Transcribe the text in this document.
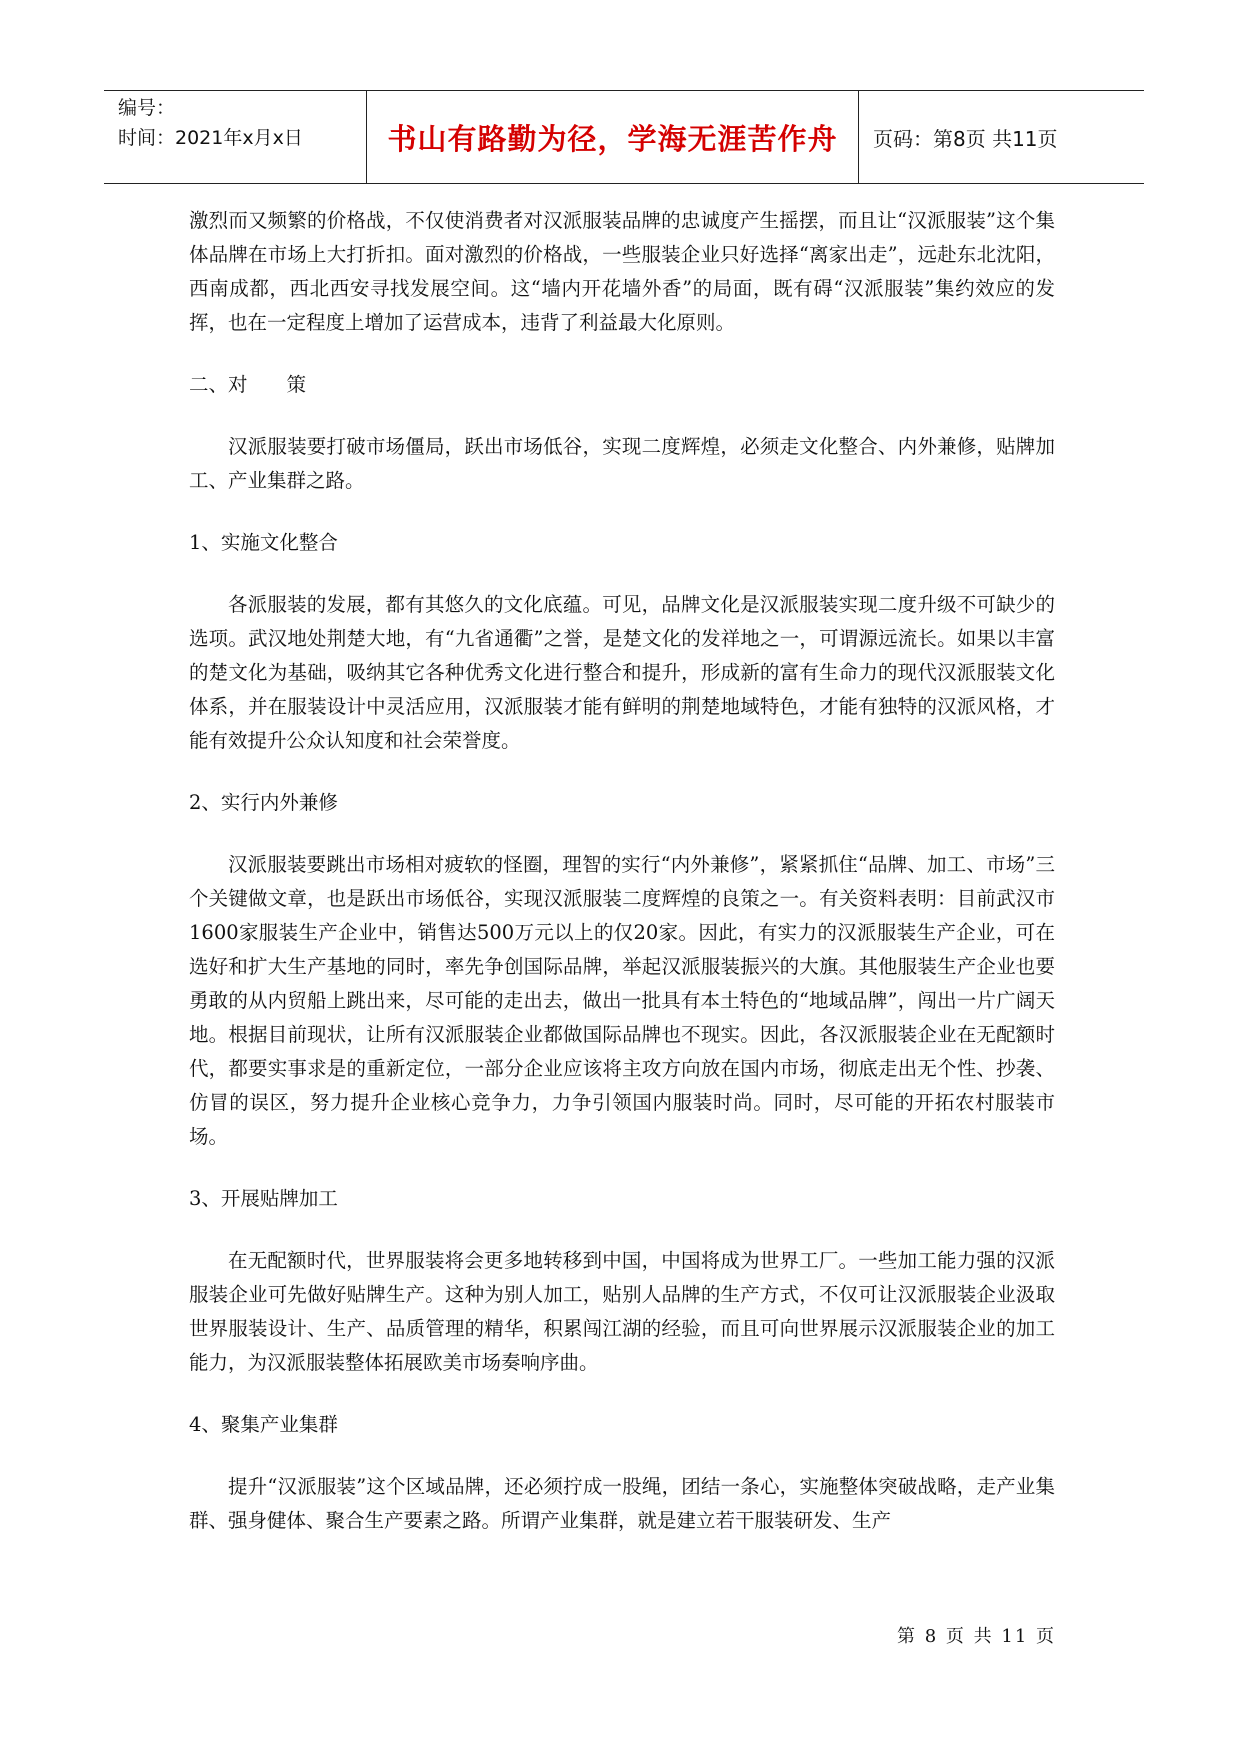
编号：
时间：2021年x月x日	书山有路勤为径，学海无涯苦作舟	页码：第8页 共11页

激烈而又频繁的价格战，不仅使消费者对汉派服装品牌的忠诚度产生摇摆，而且让“汉派服装”这个集体品牌在市场上大打折扣。面对激烈的价格战，一些服装企业只好选择“离家出走”，远赴东北沈阳，西南成都，西北西安寻找发展空间。这“墙内开花墙外香”的局面，既有碍“汉派服装”集约效应的发挥，也在一定程度上增加了运营成本，违背了利益最大化原则。

二、对　　策

汉派服装要打破市场僵局，跃出市场低谷，实现二度辉煌，必须走文化整合、内外兼修，贴牌加工、产业集群之路。

1、实施文化整合

各派服装的发展，都有其悠久的文化底蕴。可见，品牌文化是汉派服装实现二度升级不可缺少的选项。武汉地处荆楚大地，有“九省通衢”之誉，是楚文化的发祥地之一，可谓源远流长。如果以丰富的楚文化为基础，吸纳其它各种优秀文化进行整合和提升，形成新的富有生命力的现代汉派服装文化体系，并在服装设计中灵活应用，汉派服装才能有鲜明的荆楚地域特色，才能有独特的汉派风格，才能有效提升公众认知度和社会荣誉度。

2、实行内外兼修

汉派服装要跳出市场相对疲软的怪圈，理智的实行“内外兼修”，紧紧抓住“品牌、加工、市场”三个关键做文章，也是跃出市场低谷，实现汉派服装二度辉煌的良策之一。有关资料表明：目前武汉市1600家服装生产企业中，销售达500万元以上的仅20家。因此，有实力的汉派服装生产企业，可在选好和扩大生产基地的同时，率先争创国际品牌，举起汉派服装振兴的大旗。其他服装生产企业也要勇敢的从内贸船上跳出来，尽可能的走出去，做出一批具有本土特色的“地域品牌”，闯出一片广阔天地。根据目前现状，让所有汉派服装企业都做国际品牌也不现实。因此，各汉派服装企业在无配额时代，都要实事求是的重新定位，一部分企业应该将主攻方向放在国内市场，彻底走出无个性、抄袭、仿冒的误区，努力提升企业核心竞争力，力争引领国内服装时尚。同时，尽可能的开拓农村服装市场。

3、开展贴牌加工

在无配额时代，世界服装将会更多地转移到中国，中国将成为世界工厂。一些加工能力强的汉派服装企业可先做好贴牌生产。这种为别人加工，贴别人品牌的生产方式，不仅可让汉派服装企业汲取世界服装设计、生产、品质管理的精华，积累闯江湖的经验，而且可向世界展示汉派服装企业的加工能力，为汉派服装整体拓展欧美市场奏响序曲。

4、聚集产业集群

提升“汉派服装”这个区域品牌，还必须拧成一股绳，团结一条心，实施整体突破战略，走产业集群、强身健体、聚合生产要素之路。所谓产业集群，就是建立若干服装研发、生产

第 8 页 共 11 页
